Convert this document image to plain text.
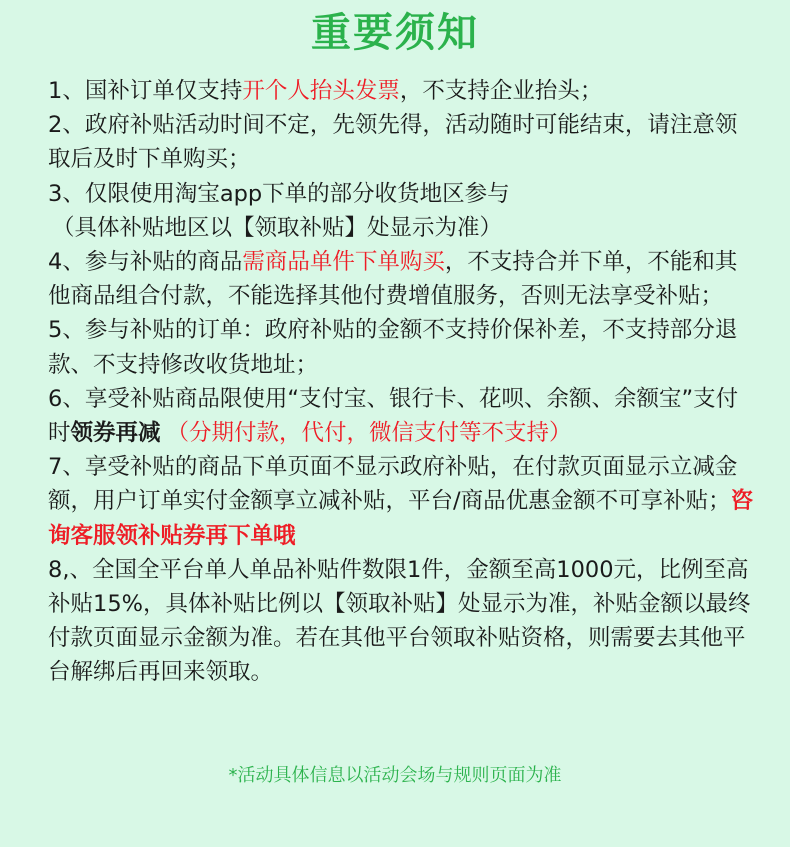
重要须知

1、国补订单仅支持开个人抬头发票，不支持企业抬头；

2、政府补贴活动时间不定，先领先得，活动随时可能结束，请注意领取后及时下单购买；

3、仅限使用淘宝app下单的部分收货地区参与
（具体补贴地区以【领取补贴】处显示为准）

4、参与补贴的商品需商品单件下单购买，不支持合并下单，不能和其他商品组合付款，不能选择其他付费增值服务，否则无法享受补贴；

5、参与补贴的订单：政府补贴的金额不支持价保补差，不支持部分退款、不支持修改收货地址；

6、享受补贴商品限使用“支付宝、银行卡、花呗、余额、余额宝”支付时领券再减 （分期付款，代付，微信支付等不支持）

7、享受补贴的商品下单页面不显示政府补贴，在付款页面显示立减金额，用户订单实付金额享立减补贴，平台/商品优惠金额不可享补贴；咨询客服领补贴券再下单哦

8,、全国全平台单人单品补贴件数限1件，金额至高1000元，比例至高补贴15%，具体补贴比例以【领取补贴】处显示为准，补贴金额以最终付款页面显示金额为准。若在其他平台领取补贴资格，则需要去其他平台解绑后再回来领取。

*活动具体信息以活动会场与规则页面为准
